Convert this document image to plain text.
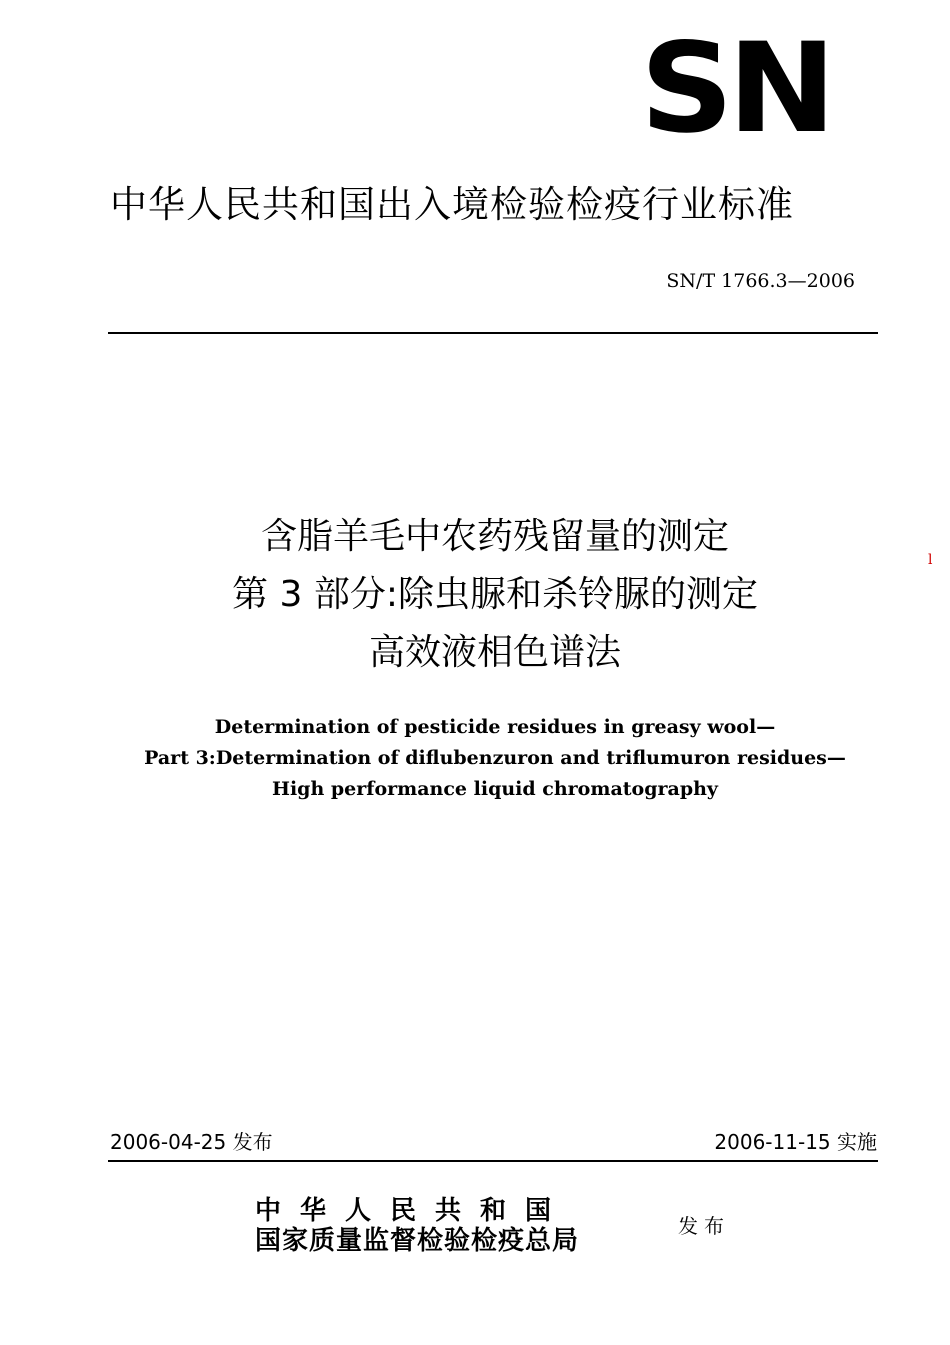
SN
中华人民共和国出入境检验检疫行业标准
SN/T 1766.3—2006
含脂羊毛中农药残留量的测定
第 3 部分:除虫脲和杀铃脲的测定
高效液相色谱法
l
Determination of pesticide residues in greasy wool—
Part 3:Determination of diflubenzuron and triflumuron residues—
High performance liquid chromatography
2006-04-25 发布	2006-11-15 实施
中华人民共和国
国家质量监督检验检疫总局	发布
